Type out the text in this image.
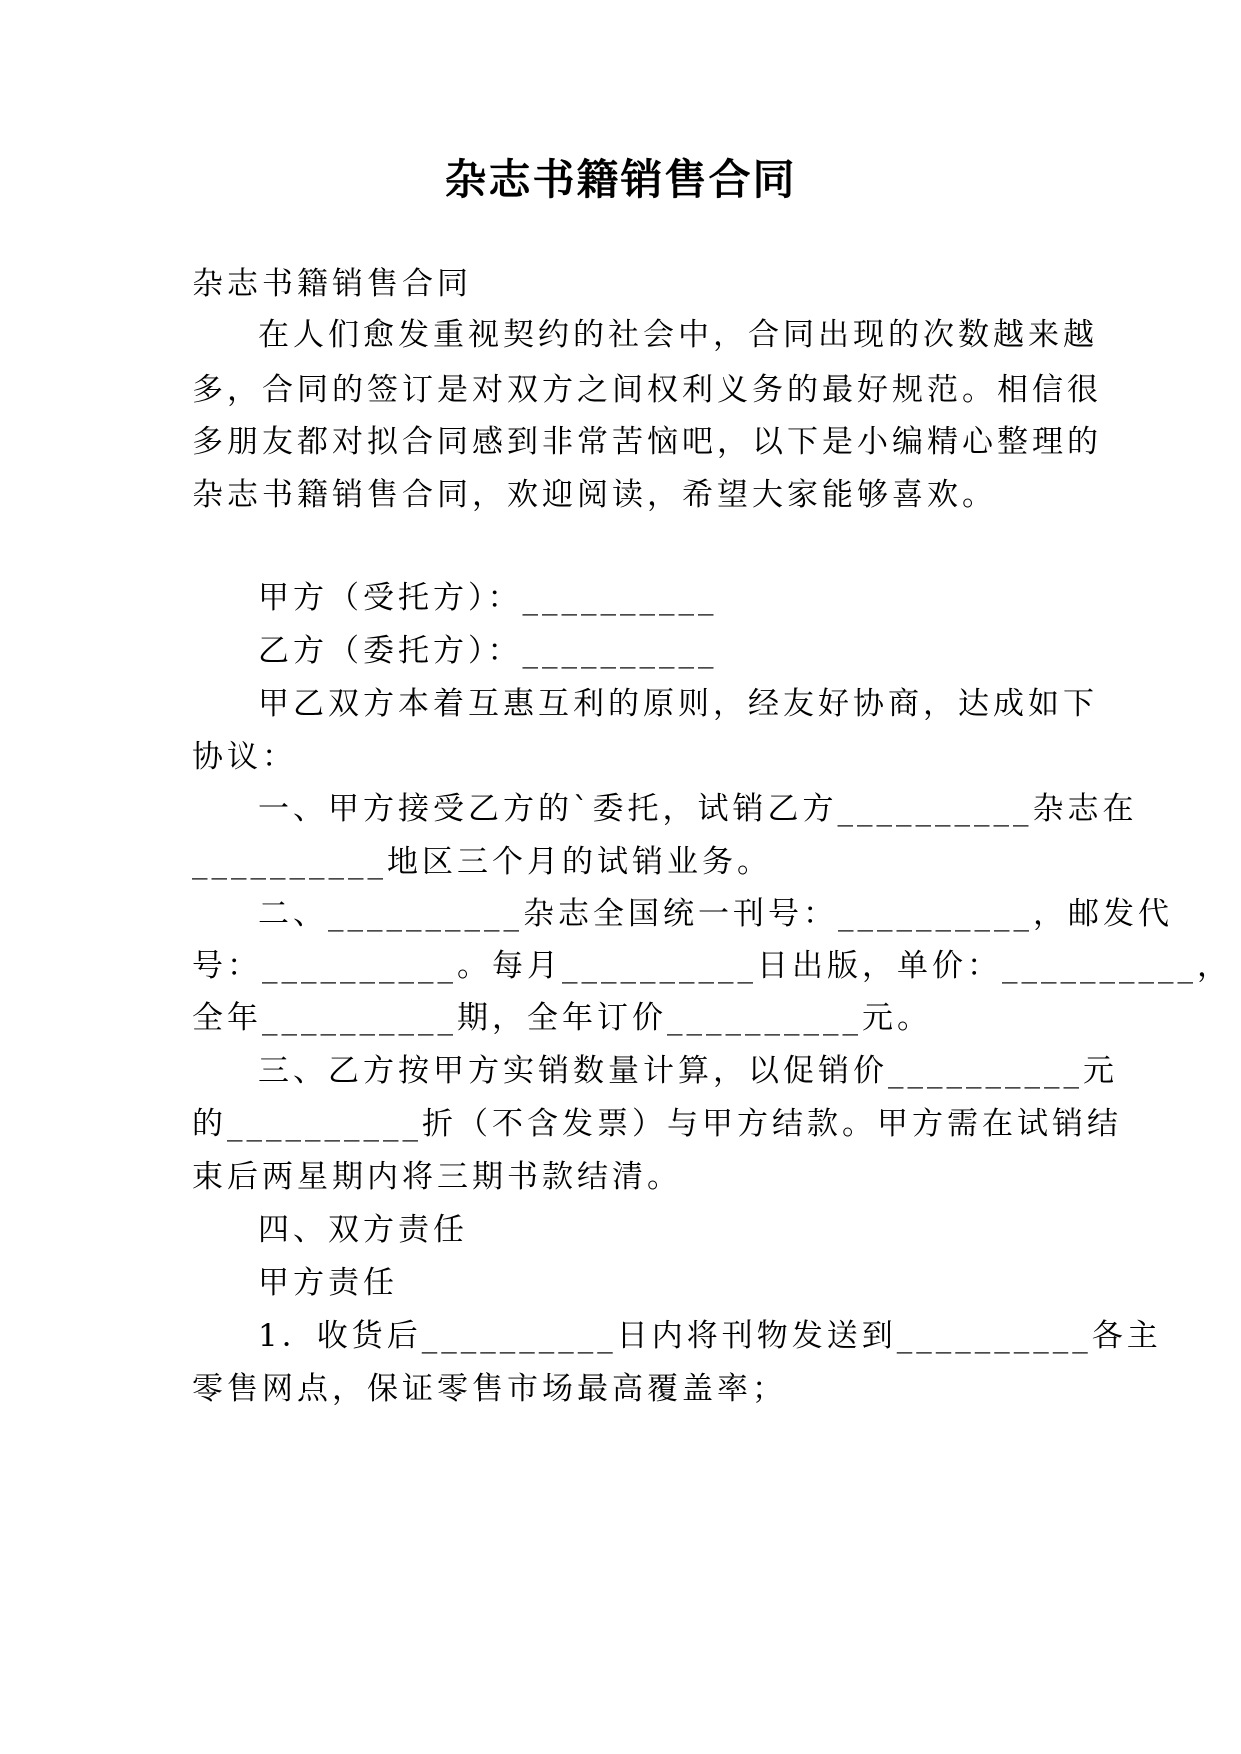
杂志书籍销售合同
杂志书籍销售合同
在人们愈发重视契约的社会中，合同出现的次数越来越
多，合同的签订是对双方之间权利义务的最好规范。相信很
多朋友都对拟合同感到非常苦恼吧，以下是小编精心整理的
杂志书籍销售合同，欢迎阅读，希望大家能够喜欢。
甲方（受托方）：__________
乙方（委托方）：__________
甲乙双方本着互惠互利的原则，经友好协商，达成如下
协议：
一、甲方接受乙方的`委托，试销乙方__________杂志在
__________地区三个月的试销业务。
二、__________杂志全国统一刊号：__________，邮发代
号：__________。每月__________日出版，单价：__________，
全年__________期，全年订价__________元。
三、乙方按甲方实销数量计算，以促销价__________元
的__________折（不含发票）与甲方结款。甲方需在试销结
束后两星期内将三期书款结清。
四、双方责任
甲方责任
1．收货后__________日内将刊物发送到__________各主
零售网点，保证零售市场最高覆盖率；
